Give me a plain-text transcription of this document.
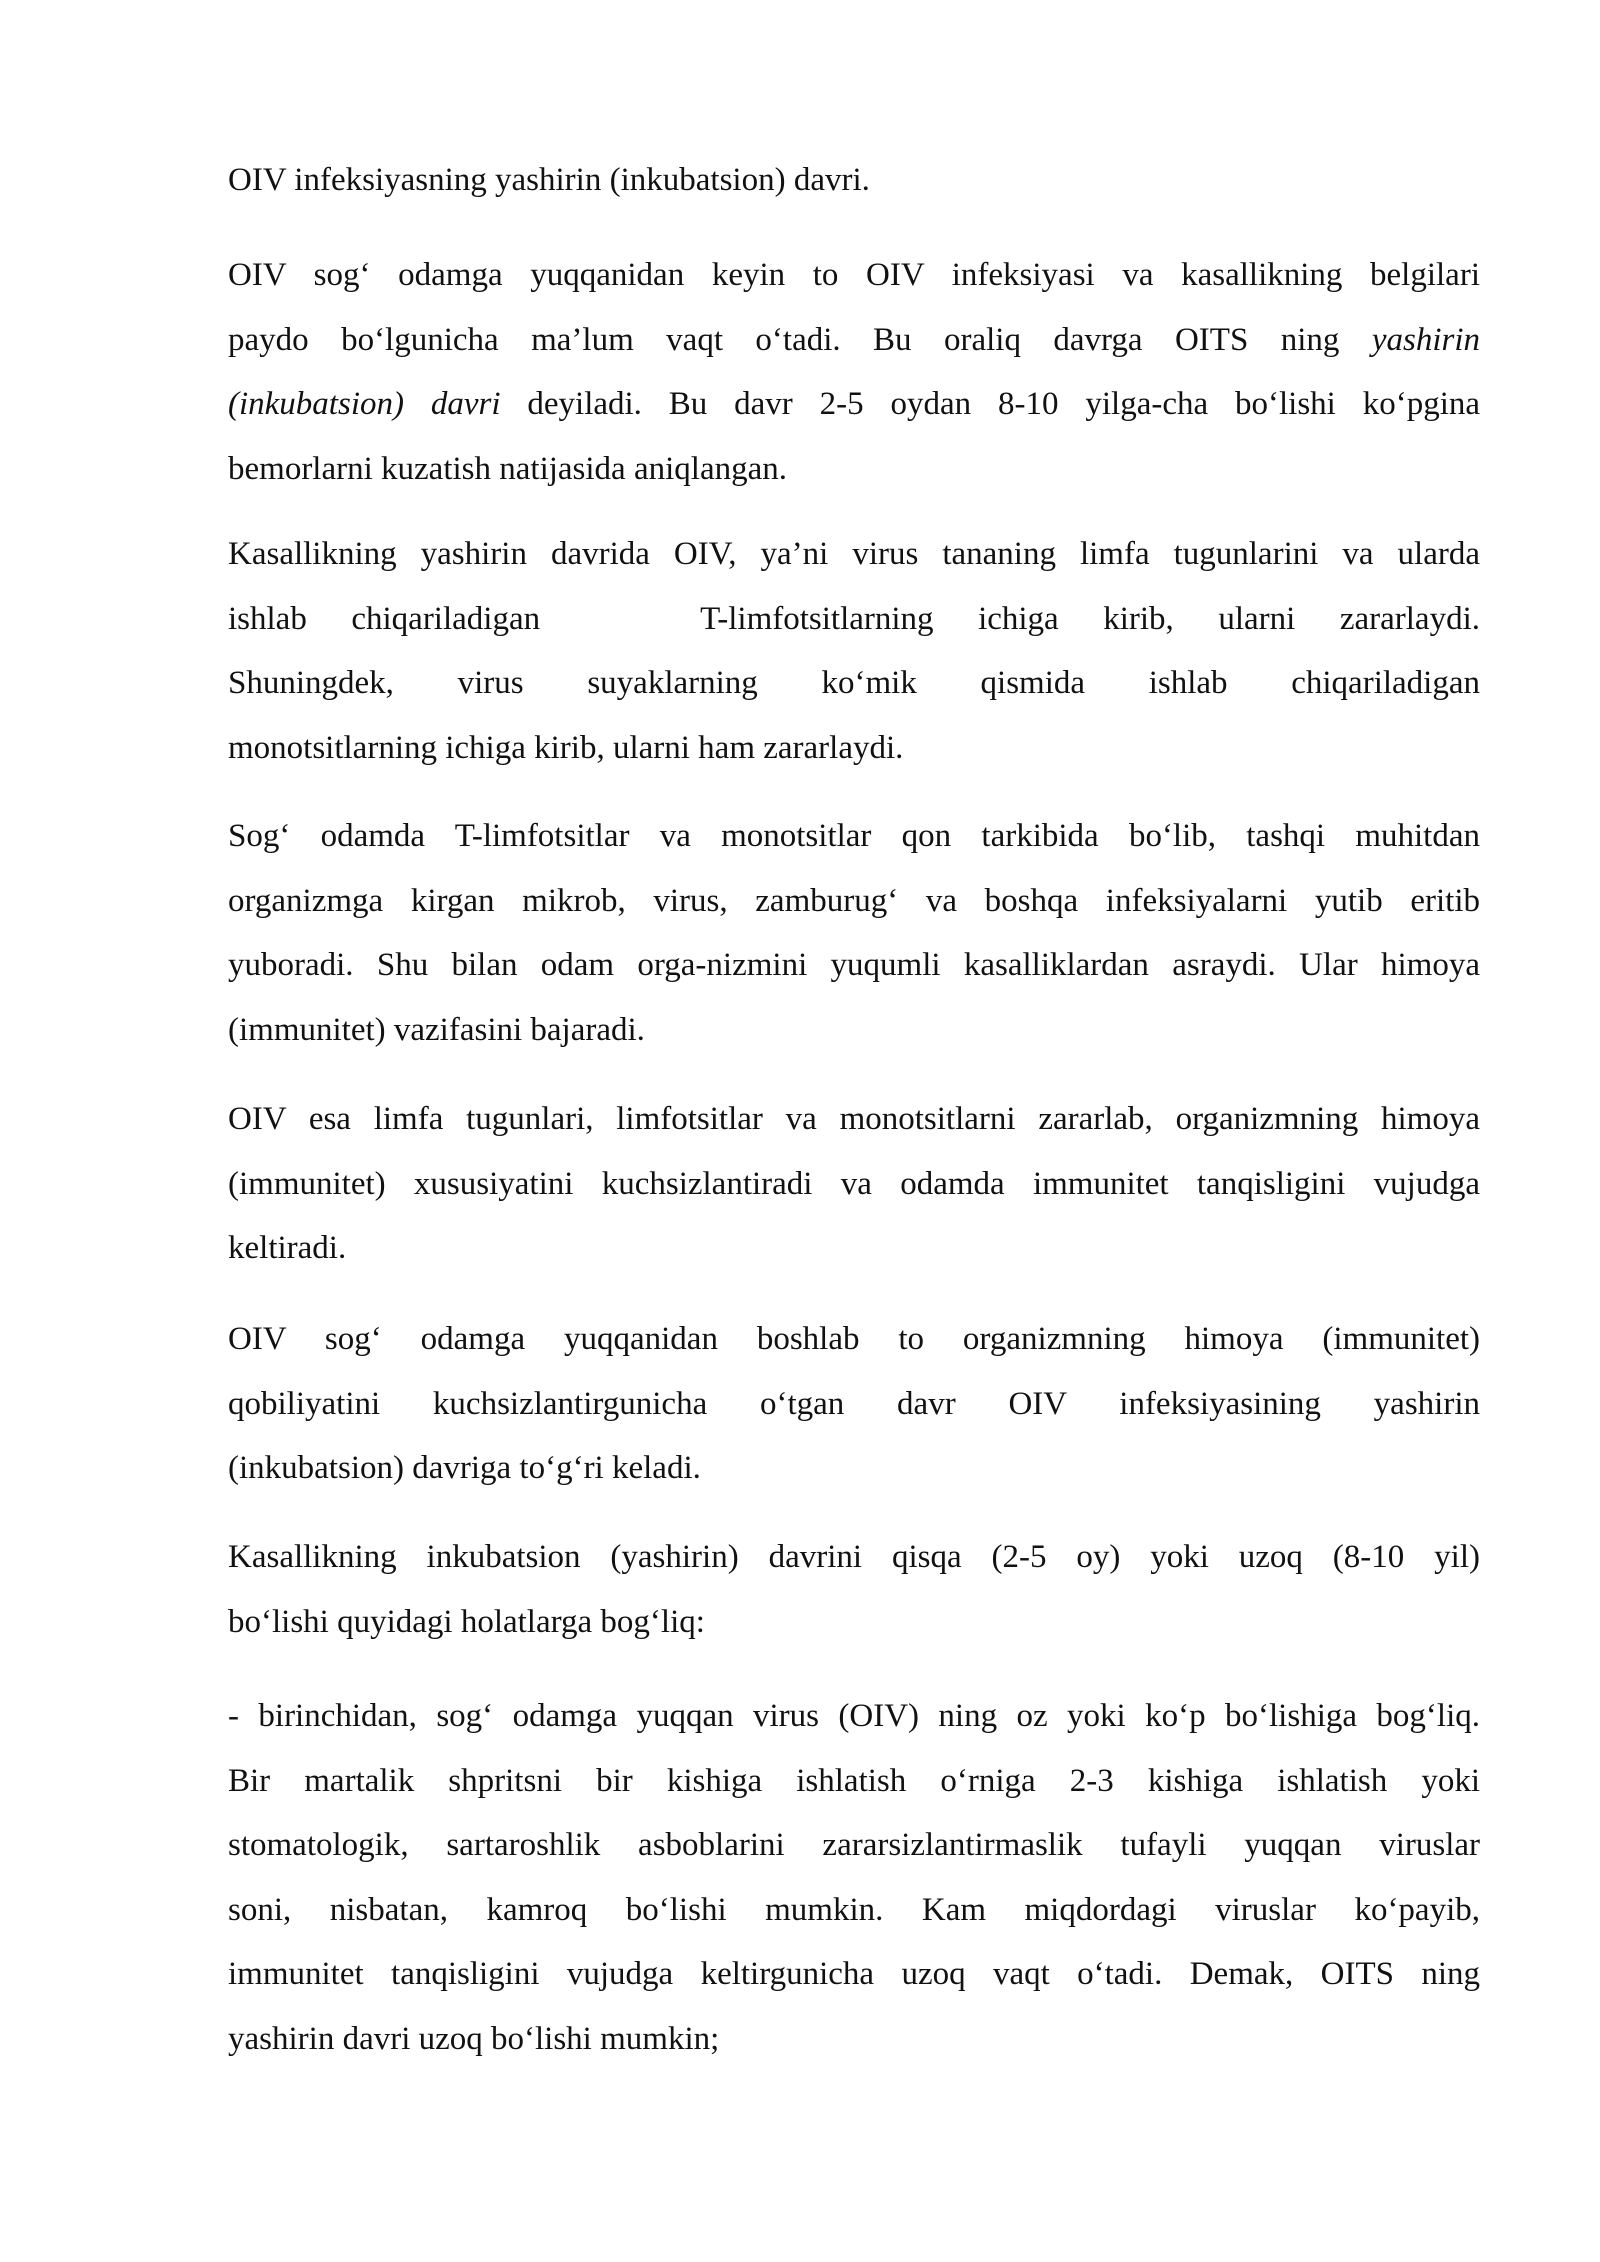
OIV infeksiyasning yashirin (inkubatsion) davri.
OIV sog‘ odamga yuqqanidan keyin to OIV infeksiyasi va kasallikning belgilari
paydo bo‘lgunicha ma’lum vaqt o‘tadi. Bu oraliq davrga OITS ning yashirin
(inkubatsion) davri deyiladi. Bu davr 2-5 oydan 8-10 yilga-cha bo‘lishi ko‘pgina
bemorlarni kuzatish natijasida aniqlangan.
Kasallikning yashirin davrida OIV, ya’ni virus tananing limfa tugunlarini va ularda
ishlab chiqariladigan	T-limfotsitlarning ichiga kirib, ularni zararlaydi.
Shuningdek, virus suyaklarning ko‘mik qismida ishlab chiqariladigan
monotsitlarning ichiga kirib, ularni ham zararlaydi.
Sog‘ odamda T-limfotsitlar va monotsitlar qon tarkibida bo‘lib, tashqi muhitdan
organizmga kirgan mikrob, virus, zamburug‘ va boshqa infeksiyalarni yutib eritib
yuboradi. Shu bilan odam orga-nizmini yuqumli kasalliklardan asraydi. Ular himoya
(immunitet) vazifasini bajaradi.
OIV esa limfa tugunlari, limfotsitlar va monotsitlarni zararlab, organizmning himoya
(immunitet) xususiyatini kuchsizlantiradi va odamda immunitet tanqisligini vujudga
keltiradi.
OIV sog‘ odamga yuqqanidan boshlab to organizmning himoya (immunitet)
qobiliyatini kuchsizlantirgunicha o‘tgan davr OIV infeksiyasining yashirin
(inkubatsion) davriga to‘g‘ri keladi.
Kasallikning inkubatsion (yashirin) davrini qisqa (2-5 oy) yoki uzoq (8-10 yil)
bo‘lishi quyidagi holatlarga bog‘liq:
- birinchidan, sog‘ odamga yuqqan virus (OIV) ning oz yoki ko‘p bo‘lishiga bog‘liq.
Bir martalik shpritsni bir kishiga ishlatish o‘rniga 2-3 kishiga ishlatish yoki
stomatologik, sartaroshlik asboblarini zararsizlantirmaslik tufayli yuqqan viruslar
soni, nisbatan, kamroq bo‘lishi mumkin. Kam miqdordagi viruslar ko‘payib,
immunitet tanqisligini vujudga keltirgunicha uzoq vaqt o‘tadi. Demak, OITS ning
yashirin davri uzoq bo‘lishi mumkin;
